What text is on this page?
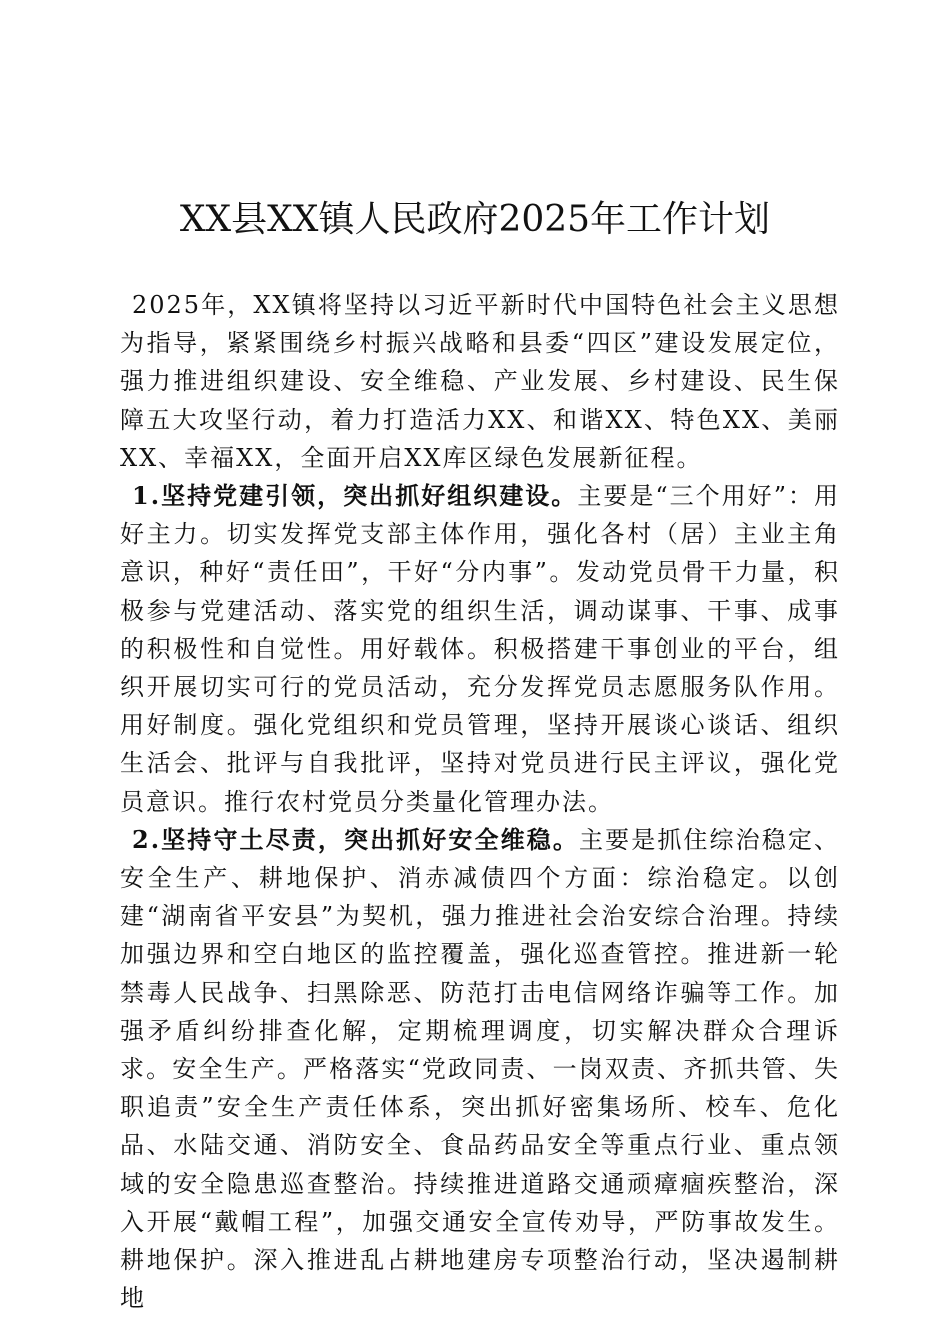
XX县XX镇人民政府2025年工作计划

2025年，XX镇将坚持以习近平新时代中国特色社会主义思想为指导，紧紧围绕乡村振兴战略和县委“四区”建设发展定位，强力推进组织建设、安全维稳、产业发展、乡村建设、民生保障五大攻坚行动，着力打造活力XX、和谐XX、特色XX、美丽XX、幸福XX，全面开启XX库区绿色发展新征程。

1.坚持党建引领，突出抓好组织建设。主要是“三个用好”：用好主力。切实发挥党支部主体作用，强化各村（居）主业主角意识，种好“责任田”，干好“分内事”。发动党员骨干力量，积极参与党建活动、落实党的组织生活，调动谋事、干事、成事的积极性和自觉性。用好载体。积极搭建干事创业的平台，组织开展切实可行的党员活动，充分发挥党员志愿服务队作用。用好制度。强化党组织和党员管理，坚持开展谈心谈话、组织生活会、批评与自我批评，坚持对党员进行民主评议，强化党员意识。推行农村党员分类量化管理办法。

2.坚持守土尽责，突出抓好安全维稳。主要是抓住综治稳定、安全生产、耕地保护、消赤减债四个方面：综治稳定。以创建“湖南省平安县”为契机，强力推进社会治安综合治理。持续加强边界和空白地区的监控覆盖，强化巡查管控。推进新一轮禁毒人民战争、扫黑除恶、防范打击电信网络诈骗等工作。加强矛盾纠纷排查化解，定期梳理调度，切实解决群众合理诉求。安全生产。严格落实“党政同责、一岗双责、齐抓共管、失职追责”安全生产责任体系，突出抓好密集场所、校车、危化品、水陆交通、消防安全、食品药品安全等重点行业、重点领域的安全隐患巡查整治。持续推进道路交通顽瘴痼疾整治，深入开展“戴帽工程”，加强交通安全宣传劝导，严防事故发生。耕地保护。深入推进乱占耕地建房专项整治行动，坚决遏制耕地
